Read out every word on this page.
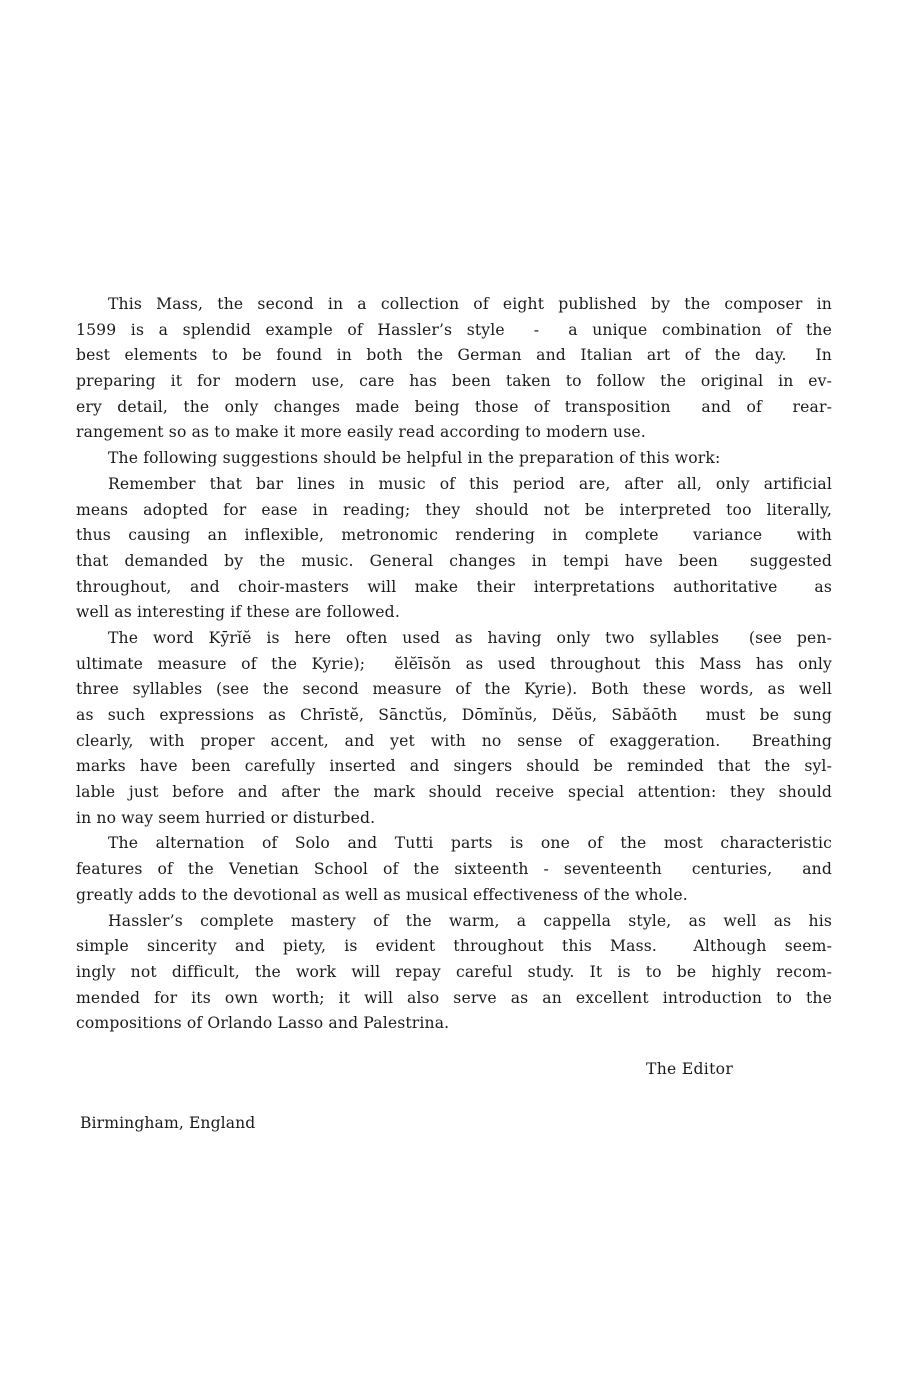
This Mass, the second in a collection of eight published by the composer in
1599 is a splendid example of Hassler’s style  -  a unique combination of the
best elements to be found in both the German and Italian art of the day.  In
preparing it for modern use, care has been taken to follow the original in ev-
ery detail, the only changes made being those of transposition  and of  rear-
rangement so as to make it more easily read according to modern use.
The following suggestions should be helpful in the preparation of this work:
Remember that bar lines in music of this period are, after all, only artificial
means adopted for ease in reading; they should not be interpreted too literally,
thus causing an inflexible, metronomic rendering in complete  variance  with
that demanded by the music. General changes in tempi have been  suggested
throughout, and choir-masters will make their interpretations authoritative  as
well as interesting if these are followed.
The word Kȳrĭĕ is here often used as having only two syllables  (see pen-
ultimate measure of the Kyrie);  ĕlĕīsŏn as used throughout this Mass has only
three syllables (see the second measure of the Kyrie). Both these words, as well
as such expressions as Chrīstĕ, Sānctŭs, Dōmĭnŭs, Dĕŭs, Sābăōth  must be sung
clearly, with proper accent, and yet with no sense of exaggeration.  Breathing
marks have been carefully inserted and singers should be reminded that the syl-
lable just before and after the mark should receive special attention: they should
in no way seem hurried or disturbed.
The alternation of Solo and Tutti parts is one of the most characteristic
features of the Venetian School of the sixteenth - seventeenth  centuries,  and
greatly adds to the devotional as well as musical effectiveness of the whole.
Hassler’s complete mastery of the warm, a cappella style, as well as his
simple sincerity and piety, is evident throughout this Mass.  Although seem-
ingly not difficult, the work will repay careful study. It is to be highly recom-
mended for its own worth; it will also serve as an excellent introduction to the
compositions of Orlando Lasso and Palestrina.
The Editor
Birmingham, England
